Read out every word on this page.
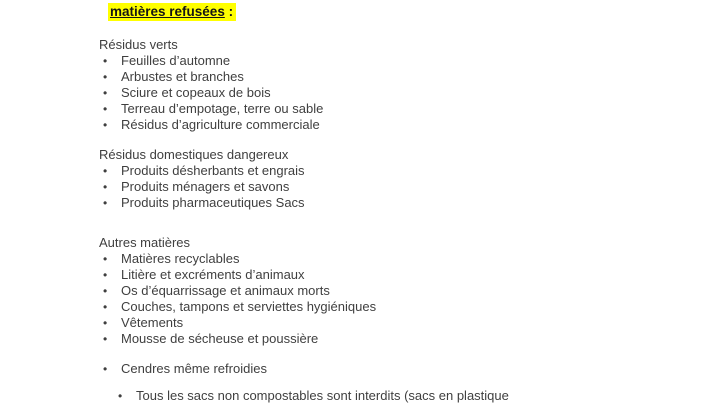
matières refusées :

Résidus verts

•	Feuilles d’automne
•	Arbustes et branches
•	Sciure et copeaux de bois
•	Terreau d’empotage, terre ou sable
•	Résidus d’agriculture commerciale

Résidus domestiques dangereux

•	Produits désherbants et engrais
•	Produits ménagers et savons
•	Produits pharmaceutiques Sacs

Autres matières

•	Matières recyclables
•	Litière et excréments d’animaux
•	Os d’équarrissage et animaux morts
•	Couches, tampons et serviettes hygiéniques
•	Vêtements
•	Mousse de sécheuse et poussière
•	Cendres même refroidies
•	Tous les sacs non compostables sont interdits (sacs en plastique
